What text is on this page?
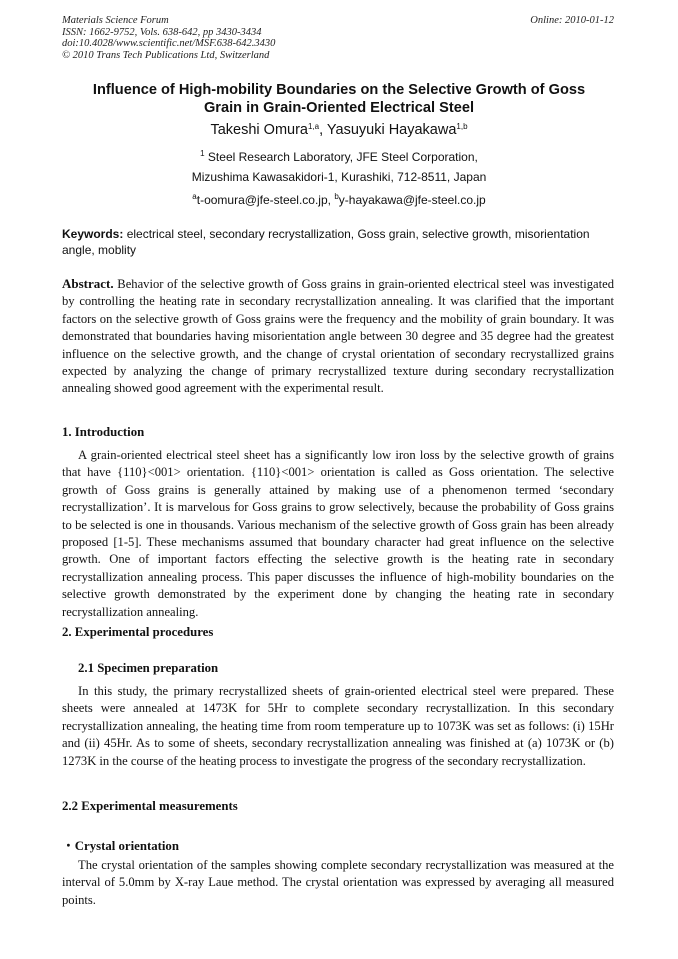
Materials Science Forum
ISSN: 1662-9752, Vols. 638-642, pp 3430-3434
doi:10.4028/www.scientific.net/MSF.638-642.3430
© 2010 Trans Tech Publications Ltd, Switzerland
Online: 2010-01-12
Influence of High-mobility Boundaries on the Selective Growth of Goss
Grain in Grain-Oriented Electrical Steel
Takeshi Omura$^{1,a}$, Yasuyuki Hayakawa$^{1,b}$
$^1$ Steel Research Laboratory, JFE Steel Corporation,
Mizushima Kawasakidori-1, Kurashiki, 712-8511, Japan
$^a$t-oomura@jfe-steel.co.jp, $^b$y-hayakawa@jfe-steel.co.jp
Keywords: electrical steel, secondary recrystallization, Goss grain, selective growth, misorientation angle, moblity
Abstract. Behavior of the selective growth of Goss grains in grain-oriented electrical steel was investigated by controlling the heating rate in secondary recrystallization annealing. It was clarified that the important factors on the selective growth of Goss grains were the frequency and the mobility of grain boundary. It was demonstrated that boundaries having misorientation angle between 30 degree and 35 degree had the greatest influence on the selective growth, and the change of crystal orientation of secondary recrystallized grains expected by analyzing the change of primary recrystallized texture during secondary recrystallization annealing showed good agreement with the experimental result.
1. Introduction
A grain-oriented electrical steel sheet has a significantly low iron loss by the selective growth of grains that have {110}<001> orientation. {110}<001> orientation is called as Goss orientation. The selective growth of Goss grains is generally attained by making use of a phenomenon termed ‘secondary recrystallization’. It is marvelous for Goss grains to grow selectively, because the probability of Goss grains to be selected is one in thousands. Various mechanism of the selective growth of Goss grain has been already proposed [1-5]. These mechanisms assumed that boundary character had great influence on the selective growth. One of important factors effecting the selective growth is the heating rate in secondary recrystallization annealing process. This paper discusses the influence of high-mobility boundaries on the selective growth demonstrated by the experiment done by changing the heating rate in secondary recrystallization annealing.
2. Experimental procedures
2.1 Specimen preparation
In this study, the primary recrystallized sheets of grain-oriented electrical steel were prepared. These sheets were annealed at 1473K for 5Hr to complete secondary recrystallization. In this secondary recrystallization annealing, the heating time from room temperature up to 1073K was set as follows: (i) 15Hr and (ii) 45Hr. As to some of sheets, secondary recrystallization annealing was finished at (a) 1073K or (b) 1273K in the course of the heating process to investigate the progress of the secondary recrystallization.
2.2 Experimental measurements
・Crystal orientation
The crystal orientation of the samples showing complete secondary recrystallization was measured at the interval of 5.0mm by X-ray Laue method. The crystal orientation was expressed by averaging all measured points.
